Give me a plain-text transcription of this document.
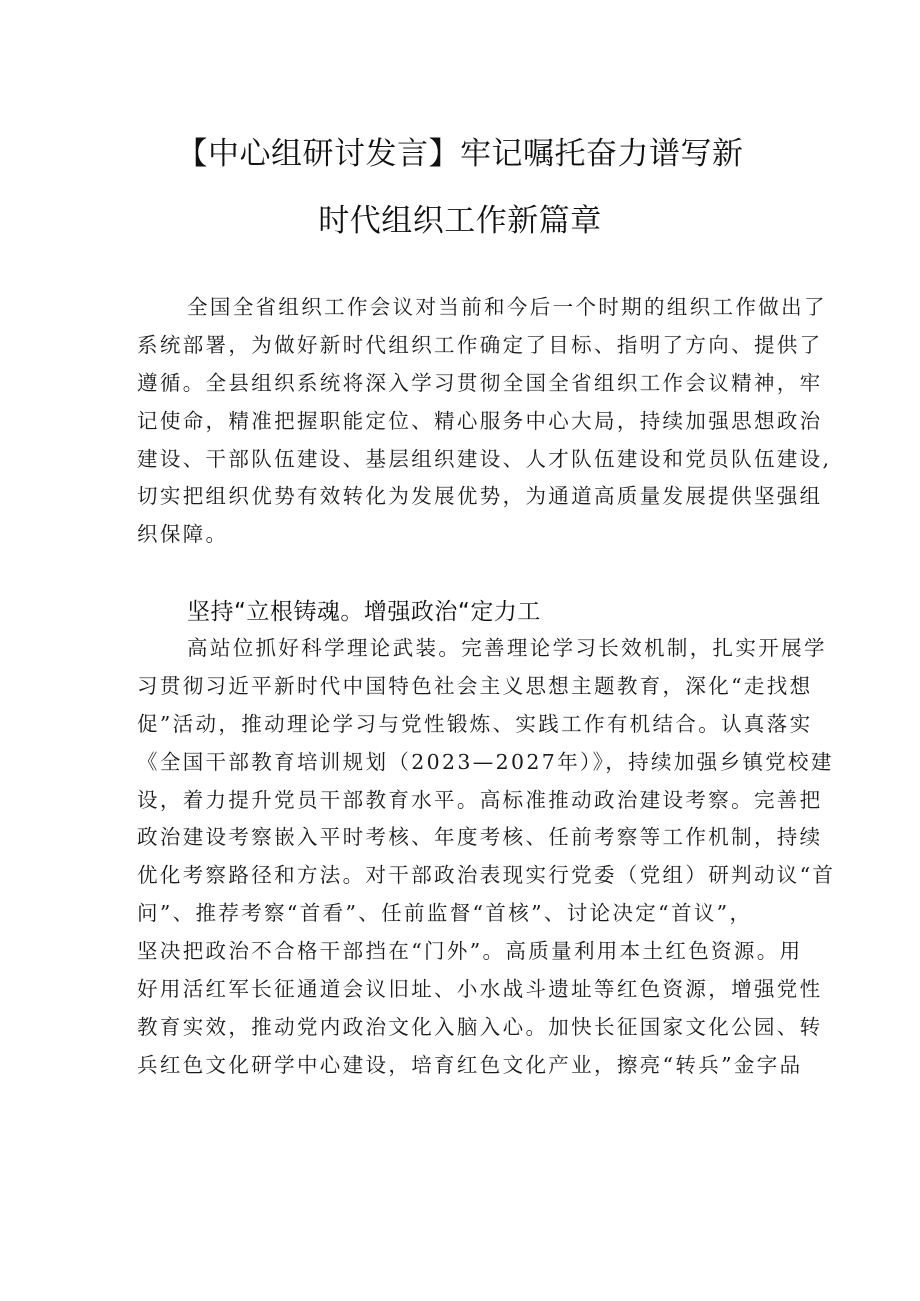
【中心组研讨发言】牢记嘱托奋力谱写新
时代组织工作新篇章
全国全省组织工作会议对当前和今后一个时期的组织工作做出了
系统部署，为做好新时代组织工作确定了目标、指明了方向、提供了
遵循。全县组织系统将深入学习贯彻全国全省组织工作会议精神，牢
记使命，精准把握职能定位、精心服务中心大局，持续加强思想政治
建设、干部队伍建设、基层组织建设、人才队伍建设和党员队伍建设,
切实把组织优势有效转化为发展优势，为通道高质量发展提供坚强组
织保障。
坚持“立根铸魂。增强政治“定力工
高站位抓好科学理论武装。完善理论学习长效机制，扎实开展学
习贯彻习近平新时代中国特色社会主义思想主题教育，深化“走找想
促”活动，推动理论学习与党性锻炼、实践工作有机结合。认真落实
《全国干部教育培训规划（2023—2027年）》，持续加强乡镇党校建
设，着力提升党员干部教育水平。高标准推动政治建设考察。完善把
政治建设考察嵌入平时考核、年度考核、任前考察等工作机制，持续
优化考察路径和方法。对干部政治表现实行党委（党组）研判动议“首
问”、推荐考察“首看”、任前监督“首核”、讨论决定“首议”，
坚决把政治不合格干部挡在“门外”。高质量利用本土红色资源。用
好用活红军长征通道会议旧址、小水战斗遗址等红色资源，增强党性
教育实效，推动党内政治文化入脑入心。加快长征国家文化公园、转
兵红色文化研学中心建设，培育红色文化产业，擦亮“转兵”金字品
